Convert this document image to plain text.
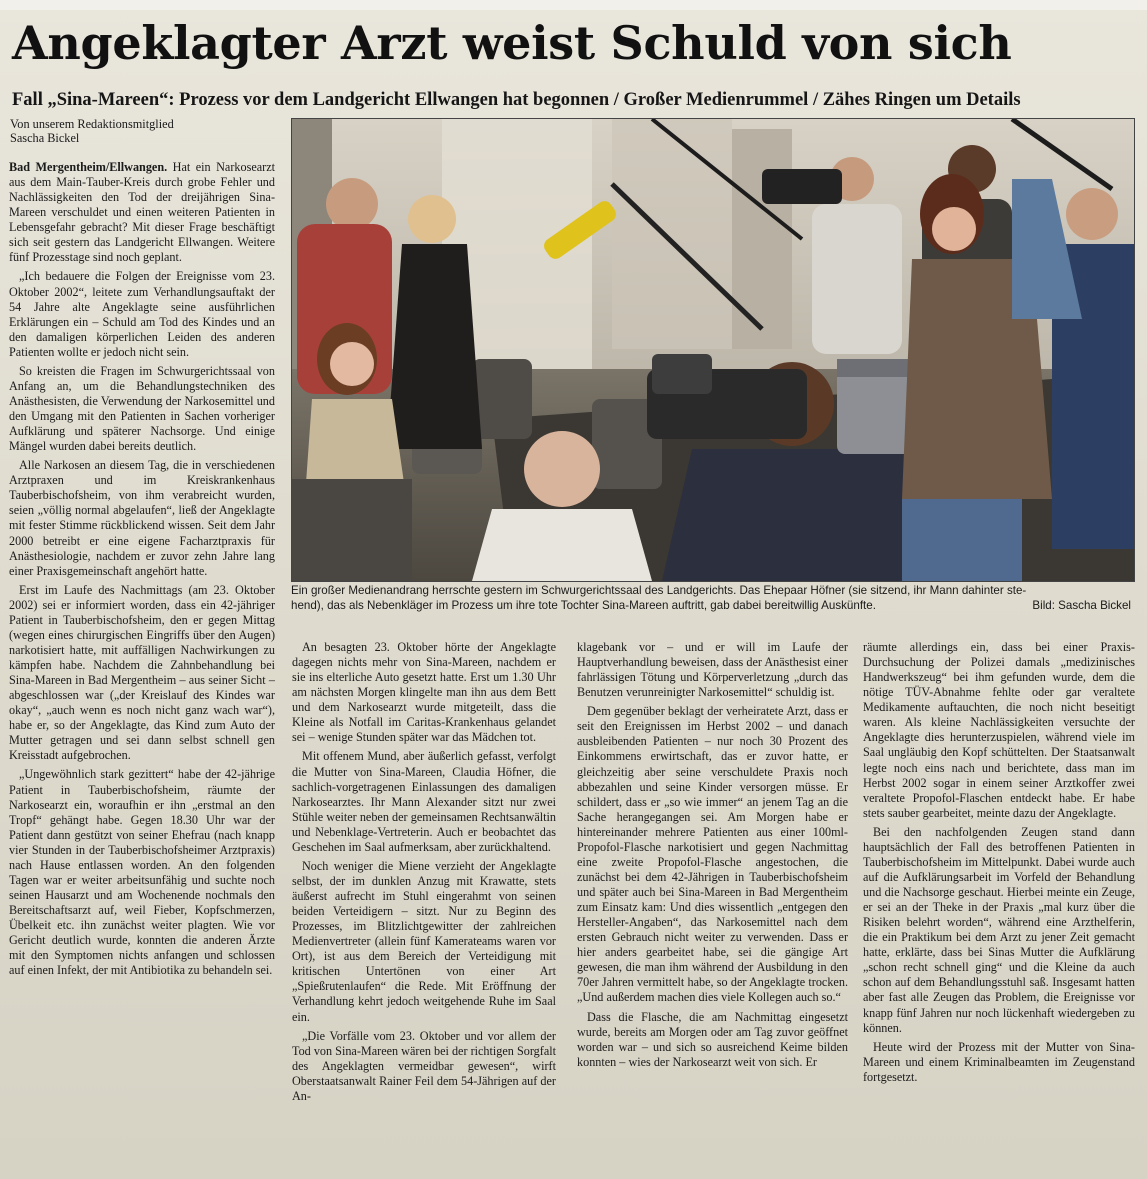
Angeklagter Arzt weist Schuld von sich
Fall „Sina-Mareen“: Prozess vor dem Landgericht Ellwangen hat begonnen / Großer Medienrummel / Zähes Ringen um Details
Von unserem Redaktionsmitglied
Sascha Bickel

Bad Mergentheim/Ellwangen. Hat ein Narkosearzt aus dem Main-Tauber-Kreis durch grobe Fehler und Nachlässigkeiten den Tod der dreijährigen Sina-Mareen verschuldet und einen weiteren Patienten in Lebensgefahr gebracht? Mit dieser Frage beschäftigt sich seit gestern das Landgericht Ellwangen. Weitere fünf Prozesstage sind noch geplant.

„Ich bedauere die Folgen der Ereignisse vom 23. Oktober 2002“, leitete zum Verhandlungsauftakt der 54 Jahre alte Angeklagte seine ausführlichen Erklärungen ein – Schuld am Tod des Kindes und an den damaligen körperlichen Leiden des anderen Patienten wollte er jedoch nicht sein.

So kreisten die Fragen im Schwurgerichtssaal von Anfang an, um die Behandlungstechniken des Anästhesisten, die Verwendung der Narkosemittel und den Umgang mit den Patienten in Sachen vorheriger Aufklärung und späterer Nachsorge. Und einige Mängel wurden dabei bereits deutlich.

Alle Narkosen an diesem Tag, die in verschiedenen Arztpraxen und im Kreiskrankenhaus Tauberbischofsheim, von ihm verabreicht wurden, seien „völlig normal abgelaufen“, ließ der Angeklagte mit fester Stimme rückblickend wissen. Seit dem Jahr 2000 betreibt er eine eigene Facharztpraxis für Anästhesiologie, nachdem er zuvor zehn Jahre lang einer Praxisgemeinschaft angehört hatte.

Erst im Laufe des Nachmittags (am 23. Oktober 2002) sei er informiert worden, dass ein 42-jähriger Patient in Tauberbischofsheim, den er gegen Mittag (wegen eines chirurgischen Eingriffs über den Augen) narkotisiert hatte, mit auffälligen Nachwirkungen zu kämpfen habe. Nachdem die Zahnbehandlung bei Sina-Mareen in Bad Mergentheim – aus seiner Sicht – abgeschlossen war („der Kreislauf des Kindes war okay“, „auch wenn es noch nicht ganz wach war“), habe er, so der Angeklagte, das Kind zum Auto der Mutter getragen und sei dann selbst schnell gen Kreisstadt aufgebrochen.

„Ungewöhnlich stark gezittert“ habe der 42-jährige Patient in Tauberbischofsheim, räumte der Narkosearzt ein, woraufhin er ihn „erstmal an den Tropf“ gehängt habe. Gegen 18.30 Uhr war der Patient dann gestützt von seiner Ehefrau (nach knapp vier Stunden in der Tauberbischofsheimer Arztpraxis) nach Hause entlassen worden. An den folgenden Tagen war er weiter arbeitsunfähig und suchte noch seinen Hausarzt und am Wochenende nochmals den Bereitschaftsarzt auf, weil Fieber, Kopfschmerzen, Übelkeit etc. ihn zunächst weiter plagten. Wie vor Gericht deutlich wurde, konnten die anderen Ärzte mit den Symptomen nichts anfangen und schlossen auf einen Infekt, der mit Antibiotika zu behandeln sei.

Ein großer Medienandrang herrschte gestern im Schwurgerichtssaal des Landgerichts. Das Ehepaar Höfner (sie sitzend, ihr Mann dahinter ste-
hend), das als Nebenkläger im Prozess um ihre tote Tochter Sina-Mareen auftritt, gab dabei bereitwillig Auskünfte.	Bild: Sascha Bickel

An besagten 23. Oktober hörte der Angeklagte dagegen nichts mehr von Sina-Mareen, nachdem er sie ins elterliche Auto gesetzt hatte. Erst um 1.30 Uhr am nächsten Morgen klingelte man ihn aus dem Bett und dem Narkosearzt wurde mitgeteilt, dass die Kleine als Notfall im Caritas-Krankenhaus gelandet sei – wenige Stunden später war das Mädchen tot.

Mit offenem Mund, aber äußerlich gefasst, verfolgt die Mutter von Sina-Mareen, Claudia Höfner, die sachlich-vorgetragenen Einlassungen des damaligen Narkosearztes. Ihr Mann Alexander sitzt nur zwei Stühle weiter neben der gemeinsamen Rechtsanwältin und Nebenklage-Vertreterin. Auch er beobachtet das Geschehen im Saal aufmerksam, aber zurückhaltend.

Noch weniger die Miene verzieht der Angeklagte selbst, der im dunklen Anzug mit Krawatte, stets äußerst aufrecht im Stuhl eingerahmt von seinen beiden Verteidigern – sitzt. Nur zu Beginn des Prozesses, im Blitzlichtgewitter der zahlreichen Medienvertreter (allein fünf Kamerateams waren vor Ort), ist aus dem Bereich der Verteidigung mit kritischen Untertönen von einer Art „Spießrutenlaufen“ die Rede. Mit Eröffnung der Verhandlung kehrt jedoch weitgehende Ruhe im Saal ein.

„Die Vorfälle vom 23. Oktober und vor allem der Tod von Sina-Mareen wären bei der richtigen Sorgfalt des Angeklagten vermeidbar gewesen“, wirft Oberstaatsanwalt Rainer Feil dem 54-Jährigen auf der An-

klagebank vor – und er will im Laufe der Hauptverhandlung beweisen, dass der Anästhesist einer fahrlässigen Tötung und Körperverletzung „durch das Benutzen verunreinigter Narkosemittel“ schuldig ist.

Dem gegenüber beklagt der verheiratete Arzt, dass er seit den Ereignissen im Herbst 2002 – und danach ausbleibenden Patienten – nur noch 30 Prozent des Einkommens erwirtschaft, das er zuvor hatte, er gleichzeitig aber seine verschuldete Praxis noch abbezahlen und seine Kinder versorgen müsse. Er schildert, dass er „so wie immer“ an jenem Tag an die Sache herangegangen sei. Am Morgen habe er hintereinander mehrere Patienten aus einer 100ml-Propofol-Flasche narkotisiert und gegen Nachmittag eine zweite Propofol-Flasche angestochen, die zunächst bei dem 42-Jährigen in Tauberbischofsheim und später auch bei Sina-Mareen in Bad Mergentheim zum Einsatz kam: Und dies wissentlich „entgegen den Hersteller-Angaben“, das Narkosemittel nach dem ersten Gebrauch nicht weiter zu verwenden. Dass er hier anders gearbeitet habe, sei die gängige Art gewesen, die man ihm während der Ausbildung in den 70er Jahren vermittelt habe, so der Angeklagte trocken. „Und außerdem machen dies viele Kollegen auch so.“

Dass die Flasche, die am Nachmittag eingesetzt wurde, bereits am Morgen oder am Tag zuvor geöffnet worden war – und sich so ausreichend Keime bilden konnten – wies der Narkosearzt weit von sich. Er

räumte allerdings ein, dass bei einer Praxis-Durchsuchung der Polizei damals „medizinisches Handwerkszeug“ bei ihm gefunden wurde, dem die nötige TÜV-Abnahme fehlte oder gar veraltete Medikamente auftauchten, die noch nicht beseitigt waren. Als kleine Nachlässigkeiten versuchte der Angeklagte dies herunterzuspielen, während viele im Saal ungläubig den Kopf schüttelten. Der Staatsanwalt legte noch eins nach und berichtete, dass man im Herbst 2002 sogar in einem seiner Arztkoffer zwei veraltete Propofol-Flaschen entdeckt habe. Er habe stets sauber gearbeitet, meinte dazu der Angeklagte.

Bei den nachfolgenden Zeugen stand dann hauptsächlich der Fall des betroffenen Patienten in Tauberbischofsheim im Mittelpunkt. Dabei wurde auch auf die Aufklärungsarbeit im Vorfeld der Behandlung und die Nachsorge geschaut. Hierbei meinte ein Zeuge, er sei an der Theke in der Praxis „mal kurz über die Risiken belehrt worden“, während eine Arzthelferin, die ein Praktikum bei dem Arzt zu jener Zeit gemacht hatte, erklärte, dass bei Sinas Mutter die Aufklärung „schon recht schnell ging“ und die Kleine da auch schon auf dem Behandlungsstuhl saß. Insgesamt hatten aber fast alle Zeugen das Problem, die Ereignisse vor knapp fünf Jahren nur noch lückenhaft wiedergeben zu können.

Heute wird der Prozess mit der Mutter von Sina-Mareen und einem Kriminalbeamten im Zeugenstand fortgesetzt.
